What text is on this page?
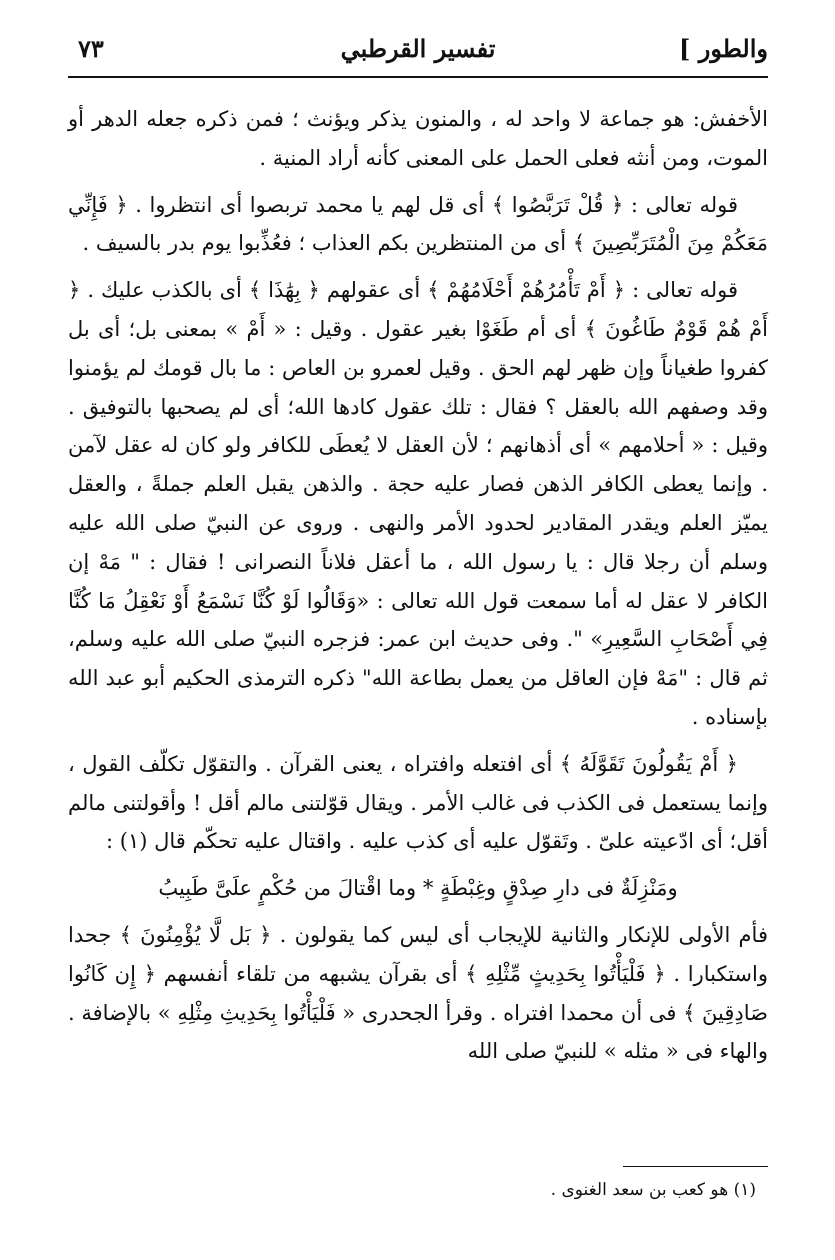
والطور ]
تفسير القرطبي
٧٣

الأخفش: هو جماعة لا واحد له ، والمنون يذكر ويؤنث ؛ فمن ذكره جعله الدهر أو الموت، ومن أنثه فعلى الحمل على المعنى كأنه أراد المنية .

قوله تعالى : ﴿ قُلْ تَرَبَّصُوا ﴾ أى قل لهم يا محمد تربصوا أى انتظروا . ﴿ فَإِنِّي مَعَكُمْ مِنَ الْمُتَرَبِّصِينَ ﴾ أى من المنتظرين بكم العذاب ؛ فعُذِّبوا يوم بدر بالسيف .

قوله تعالى : ﴿ أَمْ تَأْمُرُهُمْ أَحْلَامُهُمْ ﴾ أى عقولهم ﴿ بِهَٰذَا ﴾ أى بالكذب عليك . ﴿ أَمْ هُمْ قَوْمٌ طَاغُونَ ﴾ أى أم طَغَوْا بغير عقول . وقيل : « أَمْ » بمعنى بل؛ أى بل كفروا طغياناً وإن ظهر لهم الحق . وقيل لعمرو بن العاص : ما بال قومك لم يؤمنوا وقد وصفهم الله بالعقل ؟ فقال : تلك عقول كادها الله؛ أى لم يصحبها بالتوفيق . وقيل : « أحلامهم » أى أذهانهم ؛ لأن العقل لا يُعطَى للكافر ولو كان له عقل لآمن . وإنما يعطى الكافر الذهن فصار عليه حجة . والذهن يقبل العلم جملةً ، والعقل يميّز العلم ويقدر المقادير لحدود الأمر والنهى . وروى عن النبيّ صلى الله عليه وسلم أن رجلا قال : يا رسول الله ، ما أعقل فلاناً النصرانى ! فقال : " مَهْ إن الكافر لا عقل له أما سمعت قول الله تعالى : «وَقَالُوا لَوْ كُنَّا نَسْمَعُ أَوْ نَعْقِلُ مَا كُنَّا فِي أَصْحَابِ السَّعِيرِ» ". وفى حديث ابن عمر: فزجره النبيّ صلى الله عليه وسلم، ثم قال : "مَهْ فإن العاقل من يعمل بطاعة الله" ذكره الترمذى الحكيم أبو عبد الله بإسناده .

﴿ أَمْ يَقُولُونَ تَقَوَّلَهُ ﴾ أى افتعله وافتراه ، يعنى القرآن . والتقوّل تكلّف القول ، وإنما يستعمل فى الكذب فى غالب الأمر . ويقال قوّلتنى مالم أقل ! وأقولتنى مالم أقل؛ أى ادّعيته علىّ . وتَقوّل عليه أى كذب عليه . واقتال عليه تحكّم قال (١) :

ومَنْزِلَةٌ فى دارِ صِدْقٍ وغِبْطَةٍ * وما اقْتالَ من حُكْمٍ علَىَّ طَبِيبُ

فأم الأولى للإنكار والثانية للإيجاب أى ليس كما يقولون . ﴿ بَل لَّا يُؤْمِنُونَ ﴾ جحدا واستكبارا . ﴿ فَلْيَأْتُوا بِحَدِيثٍ مِّثْلِهِ ﴾ أى بقرآن يشبهه من تلقاء أنفسهم ﴿ إِن كَانُوا صَادِقِينَ ﴾ فى أن محمدا افتراه . وقرأ الجحدرى « فَلْيَأْتُوا بِحَدِيثِ مِثْلِهِ » بالإضافة . والهاء فى « مثله » للنبيّ صلى الله

(١) هو كعب بن سعد الغنوى .
